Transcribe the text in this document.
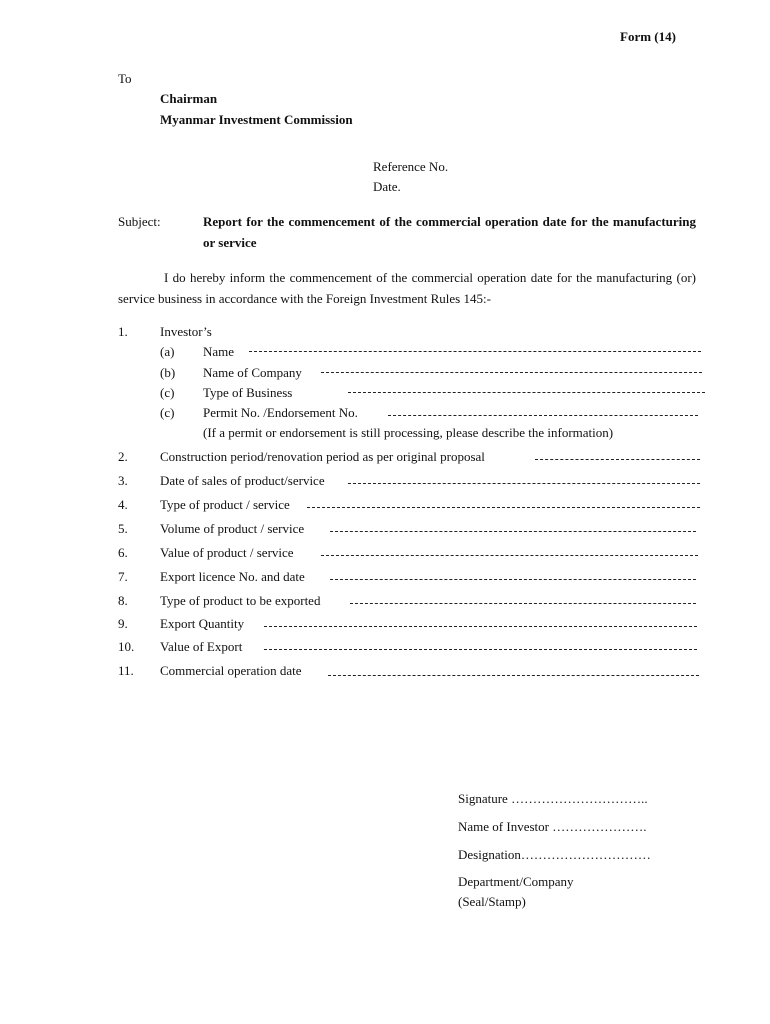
Form (14)
To
Chairman
Myanmar Investment Commission
Reference No.
Date.
Subject:	Report for the commencement of the commercial operation date for the manufacturing or service
I do hereby inform the commencement of the commercial operation date for the manufacturing (or) service business in accordance with the Foreign Investment Rules 145:-
1. Investor’s
(a) Name
(b) Name of Company
(c) Type of Business
(c) Permit No. /Endorsement No.
(If a permit or endorsement is still processing, please describe the information)
2. Construction period/renovation period as per original proposal
3. Date of sales of product/service
4. Type of product / service
5. Volume of product / service
6. Value of product / service
7. Export licence No. and date
8. Type of product to be exported
9. Export Quantity
10. Value of Export
11. Commercial operation date
Signature …………………………..
Name of Investor ………………….
Designation…………………………
Department/Company
(Seal/Stamp)
